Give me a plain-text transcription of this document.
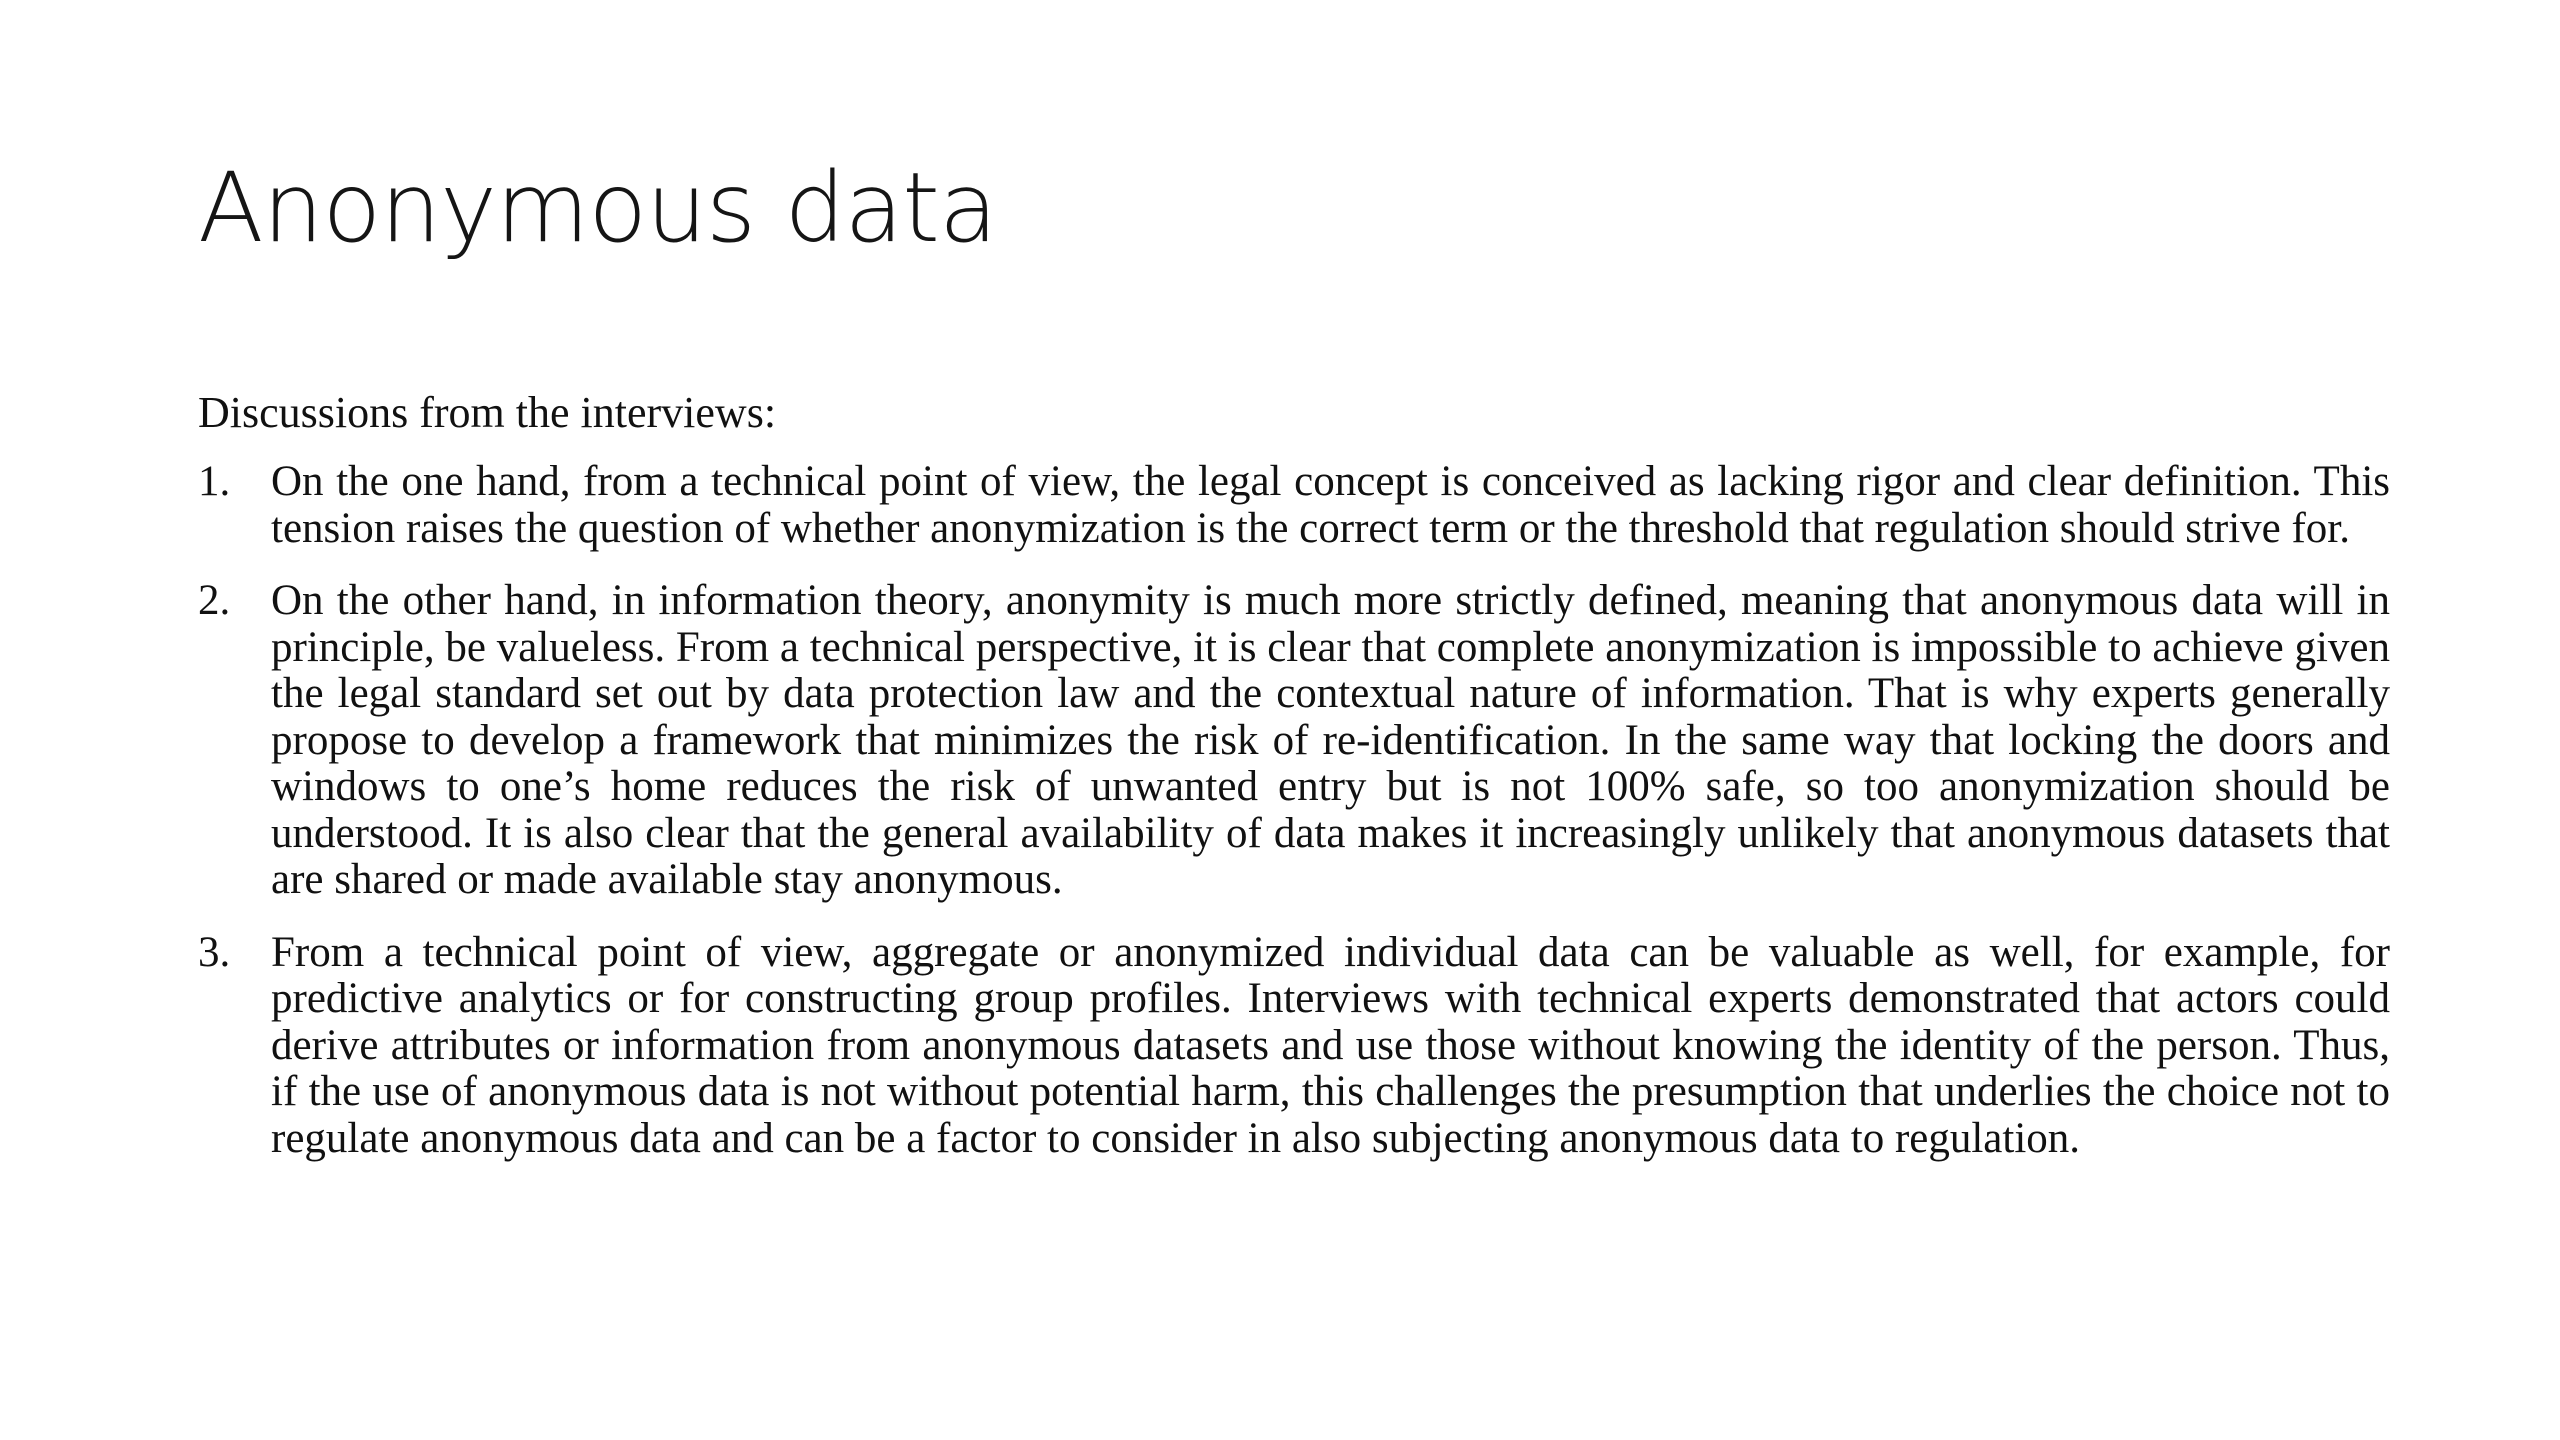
Anonymous data

Discussions from the interviews:

1. On the one hand, from a technical point of view, the legal concept is conceived as lacking rigor and clear definition. This tension raises the question of whether anonymization is the correct term or the threshold that regulation should strive for.
2. On the other hand, in information theory, anonymity is much more strictly defined, meaning that anonymous data will in principle, be valueless. From a technical perspective, it is clear that complete anonymization is impossible to achieve given the legal standard set out by data protection law and the contextual nature of information. That is why experts generally propose to develop a framework that minimizes the risk of re-identification. In the same way that locking the doors and windows to one’s home reduces the risk of unwanted entry but is not 100% safe, so too anonymization should be understood. It is also clear that the general availability of data makes it increasingly unlikely that anonymous datasets that are shared or made available stay anonymous.
3. From a technical point of view, aggregate or anonymized individual data can be valuable as well, for example, for predictive analytics or for constructing group profiles. Interviews with technical experts demonstrated that actors could derive attributes or information from anonymous datasets and use those without knowing the identity of the person. Thus, if the use of anonymous data is not without potential harm, this challenges the presumption that underlies the choice not to regulate anonymous data and can be a factor to consider in also subjecting anonymous data to regulation.
